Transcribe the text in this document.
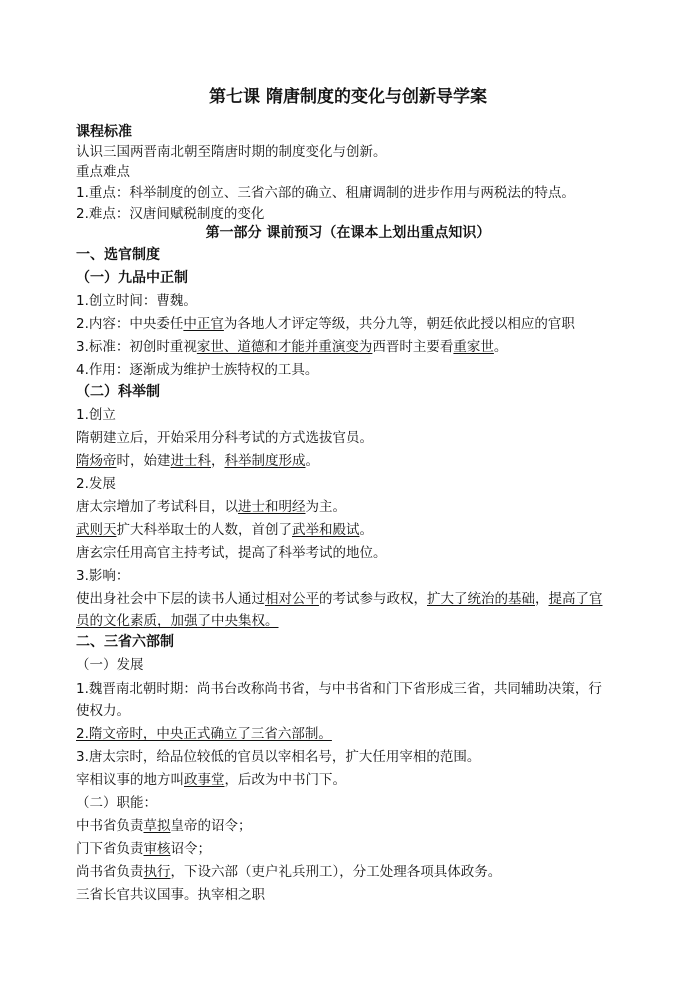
第七课 隋唐制度的变化与创新导学案
课程标准
认识三国两晋南北朝至隋唐时期的制度变化与创新。
重点难点
1.重点：科举制度的创立、三省六部的确立、租庸调制的进步作用与两税法的特点。
2.难点：汉唐间赋税制度的变化
第一部分 课前预习（在课本上划出重点知识）
一、选官制度
（一）九品中正制
1.创立时间：曹魏。
2.内容：中央委任中正官为各地人才评定等级，共分九等，朝廷依此授以相应的官职
3.标准：初创时重视家世、道德和才能并重演变为西晋时主要看重家世。
4.作用：逐渐成为维护士族特权的工具。
（二）科举制
1.创立
隋朝建立后，开始采用分科考试的方式选拔官员。
隋炀帝时，始建进士科，科举制度形成。
2.发展
唐太宗增加了考试科目，以进士和明经为主。
武则天扩大科举取士的人数，首创了武举和殿试。
唐玄宗任用高官主持考试，提高了科举考试的地位。
3.影响：
使出身社会中下层的读书人通过相对公平的考试参与政权，扩大了统治的基础，提高了官
员的文化素质，加强了中央集权。
二、三省六部制
（一）发展
1.魏晋南北朝时期：尚书台改称尚书省，与中书省和门下省形成三省，共同辅助决策，行
使权力。
2.隋文帝时，中央正式确立了三省六部制。
3.唐太宗时，给品位较低的官员以宰相名号，扩大任用宰相的范围。
宰相议事的地方叫政事堂，后改为中书门下。
（二）职能：
中书省负责草拟皇帝的诏令；
门下省负责审核诏令；
尚书省负责执行，下设六部（吏户礼兵刑工），分工处理各项具体政务。
三省长官共议国事。执宰相之职
